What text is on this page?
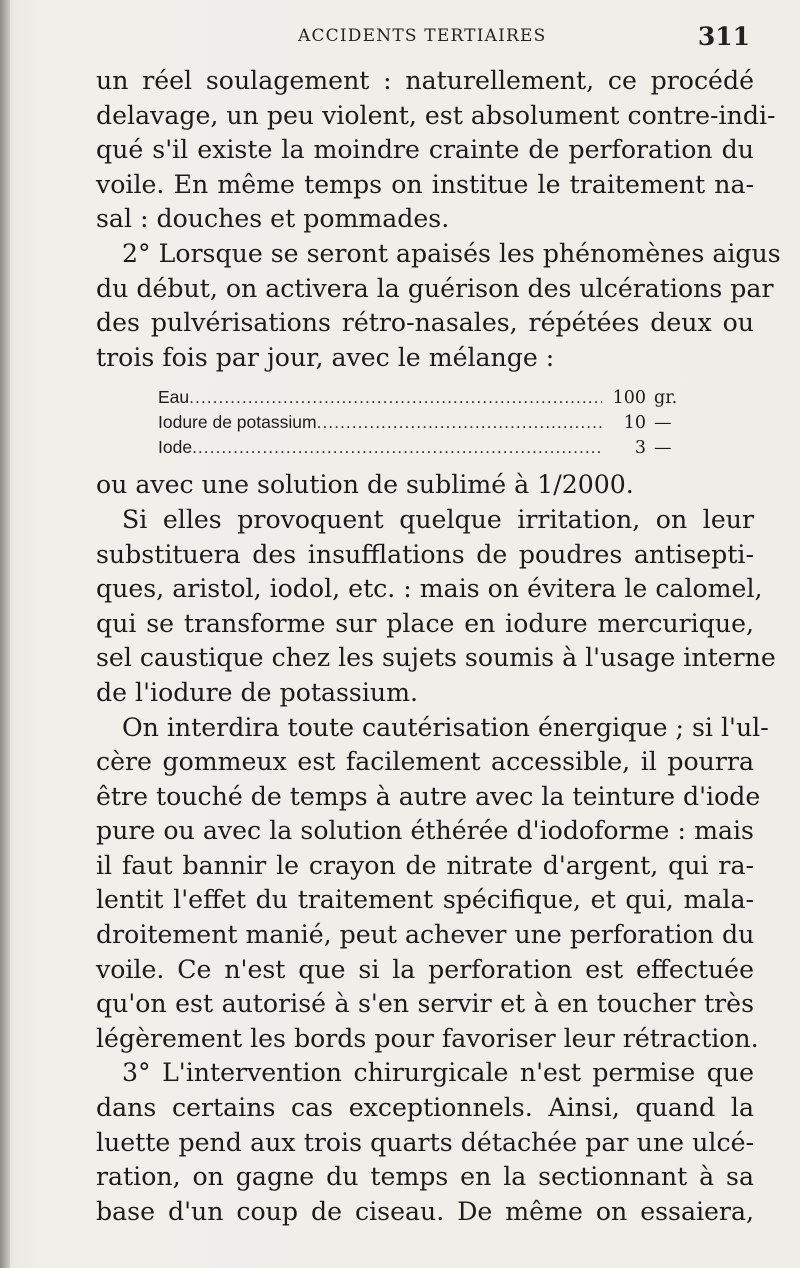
ACCIDENTS TERTIAIRES	311
un réel soulagement : naturellement, ce procédé
delavage, un peu violent, est absolument contre-indi-
qué s'il existe la moindre crainte de perforation du
voile. En même temps on institue le traitement na-
sal : douches et pommades.
2° Lorsque se seront apaisés les phénomènes aigus
du début, on activera la guérison des ulcérations par
des pulvérisations rétro-nasales, répétées deux ou
trois fois par jour, avec le mélange :
Eau .....	100 gr.
Iodure de potassium .....	10 —
Iode .....	3 —
ou avec une solution de sublimé à 1/2000.
Si elles provoquent quelque irritation, on leur
substituera des insufflations de poudres antisepti-
ques, aristol, iodol, etc. : mais on évitera le calomel,
qui se transforme sur place en iodure mercurique,
sel caustique chez les sujets soumis à l'usage interne
de l'iodure de potassium.
On interdira toute cautérisation énergique ; si l'ul-
cère gommeux est facilement accessible, il pourra
être touché de temps à autre avec la teinture d'iode
pure ou avec la solution éthérée d'iodoforme : mais
il faut bannir le crayon de nitrate d'argent, qui ra-
lentit l'effet du traitement spécifique, et qui, mala-
droitement manié, peut achever une perforation du
voile. Ce n'est que si la perforation est effectuée
qu'on est autorisé à s'en servir et à en toucher très
légèrement les bords pour favoriser leur rétraction.
3° L'intervention chirurgicale n'est permise que
dans certains cas exceptionnels. Ainsi, quand la
luette pend aux trois quarts détachée par une ulcé-
ration, on gagne du temps en la sectionnant à sa
base d'un coup de ciseau. De même on essaiera,
